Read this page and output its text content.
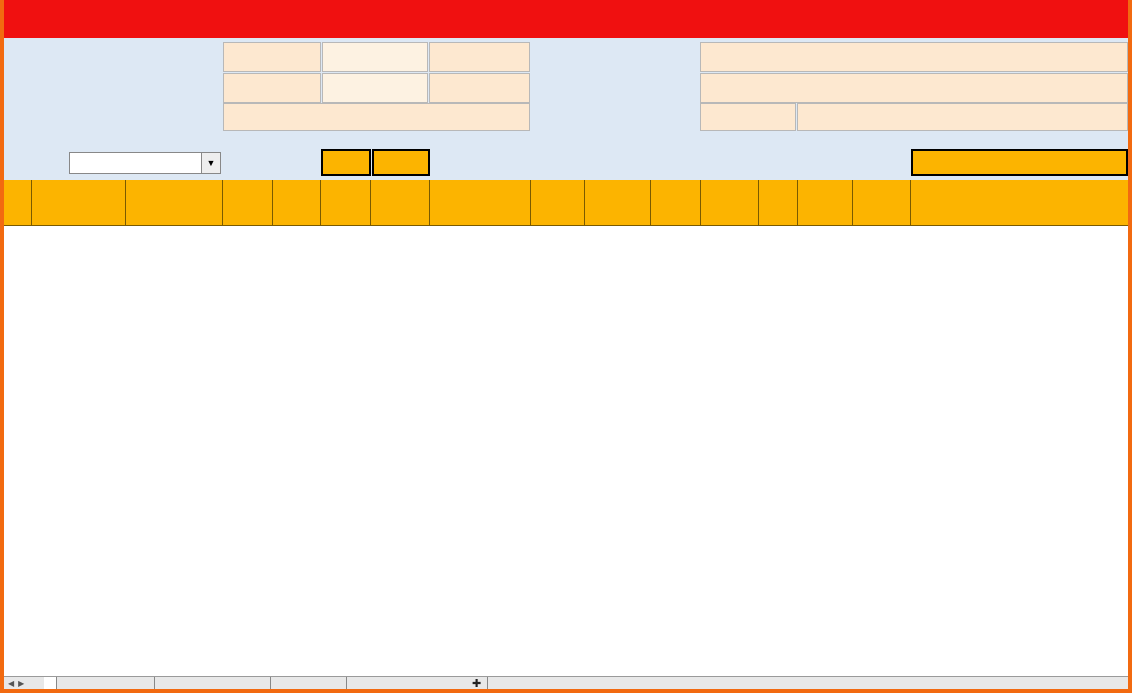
▼
◀ ▶	✚
